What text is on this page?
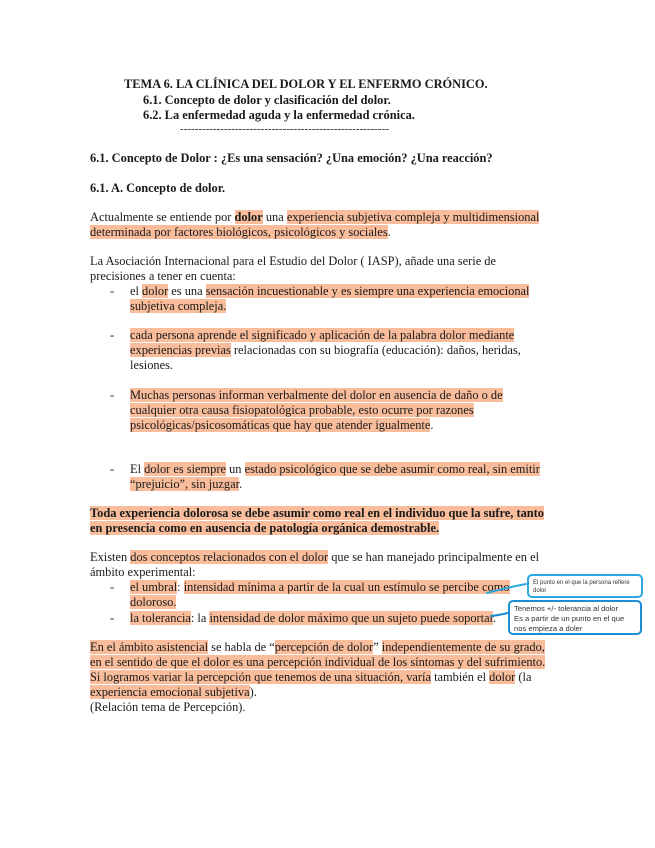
TEMA 6. LA CLÍNICA DEL DOLOR Y EL ENFERMO CRÓNICO.
6.1. Concepto de dolor y clasificación del dolor.
6.2. La enfermedad aguda y la enfermedad crónica.
---------------------------------------------------------
6.1. Concepto de Dolor : ¿Es una sensación? ¿Una emoción? ¿Una reacción?
6.1. A. Concepto de dolor.
Actualmente se entiende por dolor una experiencia subjetiva compleja y multidimensional
determinada por factores biológicos, psicológicos y sociales.
La Asociación Internacional para el Estudio del Dolor ( IASP), añade una serie de
precisiones a tener en cuenta:
- el dolor es una sensación incuestionable y es siempre una experiencia emocional
subjetiva compleja.
- cada persona aprende el significado y aplicación de la palabra dolor mediante
experiencias previas relacionadas con su biografía (educación): daños, heridas,
lesiones.
- Muchas personas informan verbalmente del dolor en ausencia de daño o de
cualquier otra causa fisiopatológica probable, esto ocurre por razones
psicológicas/psicosomáticas que hay que atender igualmente.
- El dolor es siempre un estado psicológico que se debe asumir como real, sin emitir
“prejuicio”, sin juzgar.
Toda experiencia dolorosa se debe asumir como real en el individuo que la sufre, tanto
en presencia como en ausencia de patología orgánica demostrable.
Existen dos conceptos relacionados con el dolor que se han manejado principalmente en el
ámbito experimental:
- el umbral: intensidad mínima a partir de la cual un estímulo se percibe como
doloroso.
- la tolerancia: la intensidad de dolor máximo que un sujeto puede soportar.
En el ámbito asistencial se habla de “percepción de dolor” independientemente de su grado,
en el sentido de que el dolor es una percepción individual de los síntomas y del sufrimiento.
Si logramos variar la percepción que tenemos de una situación, varía también el dolor (la
experiencia emocional subjetiva).
(Relación tema de Percepción).
El punto en el que la persona refiere dolor
Tenemos +/- tolerancia al dolor
Es a partir de un punto en el que nos empieza a doler
